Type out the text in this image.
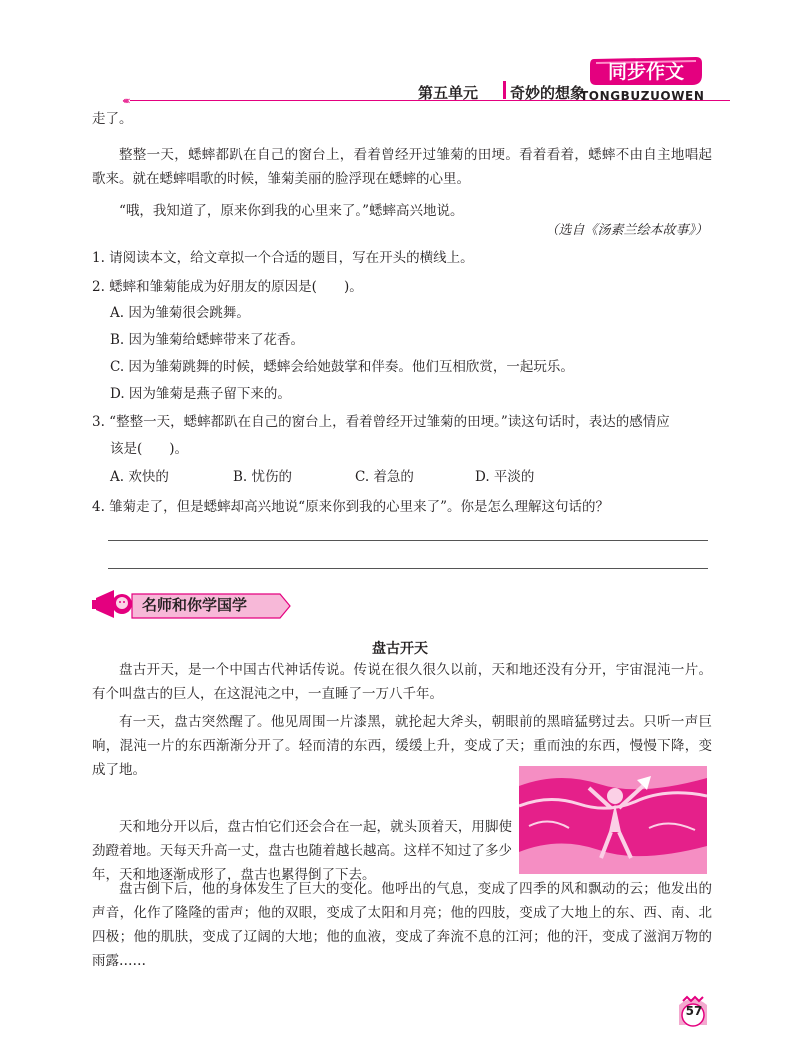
‹‹‹‹	第五单元 奇妙的想象
同步作文
TONGBUZUOWEN
走了。
整整一天，蟋蟀都趴在自己的窗台上，看着曾经开过雏菊的田埂。看着看着，蟋蟀不由自主地唱起歌来。就在蟋蟀唱歌的时候，雏菊美丽的脸浮现在蟋蟀的心里。
“哦，我知道了，原来你到我的心里来了。”蟋蟀高兴地说。
（选自《汤素兰绘本故事》）
1. 请阅读本文，给文章拟一个合适的题目，写在开头的横线上。
2. 蟋蟀和雏菊能成为好朋友的原因是(　　)。
A. 因为雏菊很会跳舞。
B. 因为雏菊给蟋蟀带来了花香。
C. 因为雏菊跳舞的时候，蟋蟀会给她鼓掌和伴奏。他们互相欣赏，一起玩乐。
D. 因为雏菊是燕子留下来的。
3. “整整一天，蟋蟀都趴在自己的窗台上，看着曾经开过雏菊的田埂。”读这句话时，表达的感情应
该是(　　)。
A. 欢快的	B. 忧伤的	C. 着急的	D. 平淡的
4. 雏菊走了，但是蟋蟀却高兴地说“原来你到我的心里来了”。你是怎么理解这句话的？
名师和你学国学
盘古开天
盘古开天，是一个中国古代神话传说。传说在很久很久以前，天和地还没有分开，宇宙混沌一片。有个叫盘古的巨人，在这混沌之中，一直睡了一万八千年。
有一天，盘古突然醒了。他见周围一片漆黑，就抡起大斧头，朝眼前的黑暗猛劈过去。只听一声巨响，混沌一片的东西渐渐分开了。轻而清的东西，缓缓上升，变成了天；重而浊的东西，慢慢下降，变成了地。
天和地分开以后，盘古怕它们还会合在一起，就头顶着天，用脚使劲蹬着地。天每天升高一丈，盘古也随着越长越高。这样不知过了多少年，天和地逐渐成形了，盘古也累得倒了下去。
盘古倒下后，他的身体发生了巨大的变化。他呼出的气息，变成了四季的风和飘动的云；他发出的声音，化作了隆隆的雷声；他的双眼，变成了太阳和月亮；他的四肢，变成了大地上的东、西、南、北四极；他的肌肤，变成了辽阔的大地；他的血液，变成了奔流不息的江河；他的汗，变成了滋润万物的雨露……
57
